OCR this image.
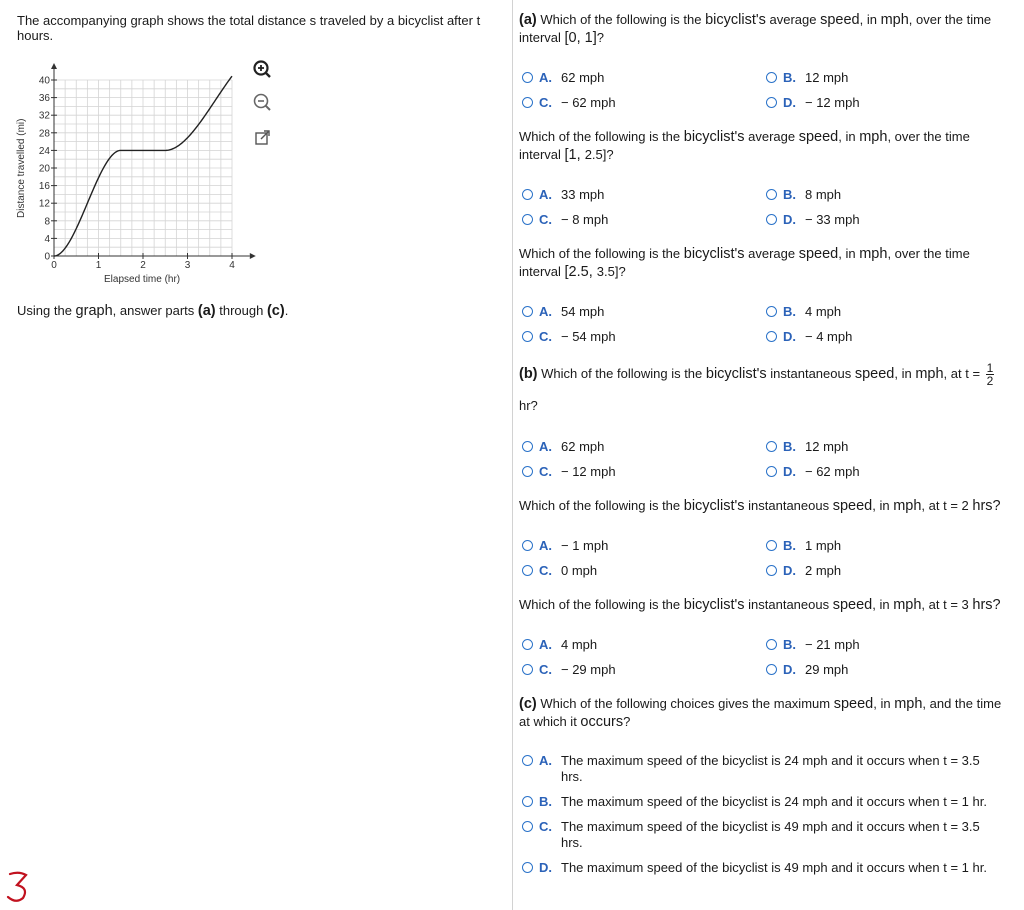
The accompanying graph shows the total distance s traveled by a bicyclist after t hours.
0
4
8
12
16
20
24
28
32
36
40
0	1	2	3	4
Distance travelled (mi)
Elapsed time (hr)
Using the graph, answer parts (a) through (c).
(a) Which of the following is the bicyclist's average speed, in mph, over the time interval [0, 1]?
A. 62 mph	B. 12 mph
C. − 62 mph	D. − 12 mph
Which of the following is the bicyclist's average speed, in mph, over the time interval [1, 2.5]?
A. 33 mph	B. 8 mph
C. − 8 mph	D. − 33 mph
Which of the following is the bicyclist's average speed, in mph, over the time interval [2.5, 3.5]?
A. 54 mph	B. 4 mph
C. − 54 mph	D. − 4 mph
(b) Which of the following is the bicyclist's instantaneous speed, in mph, at $t = \frac{1}{2}$
hr?
A. 62 mph	B. 12 mph
C. − 12 mph	D. − 62 mph
Which of the following is the bicyclist's instantaneous speed, in mph, at t = 2 hrs?
A. − 1 mph	B. 1 mph
C. 0 mph	D. 2 mph
Which of the following is the bicyclist's instantaneous speed, in mph, at t = 3 hrs?
A. 4 mph	B. − 21 mph
C. − 29 mph	D. 29 mph
(c) Which of the following choices gives the maximum speed, in mph, and the time at which it occurs?
A. The maximum speed of the bicyclist is 24 mph and it occurs when t = 3.5 hrs.
B. The maximum speed of the bicyclist is 24 mph and it occurs when t = 1 hr.
C. The maximum speed of the bicyclist is 49 mph and it occurs when t = 3.5 hrs.
D. The maximum speed of the bicyclist is 49 mph and it occurs when t = 1 hr.
